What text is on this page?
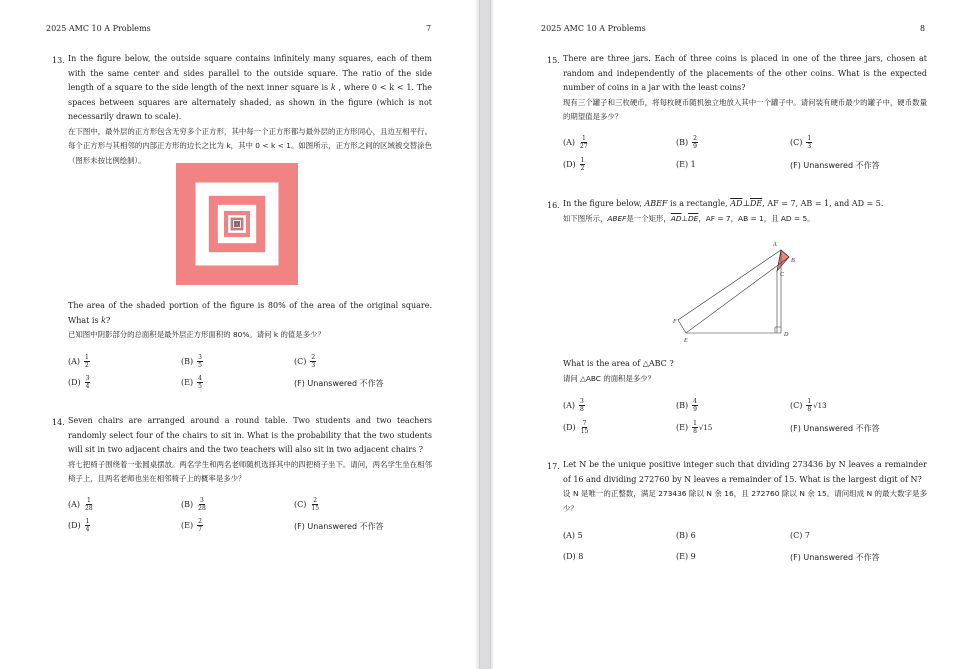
2025 AMC 10 A Problems	7
13. In the figure below, the outside square contains infinitely many squares, each of them with the same center and sides parallel to the outside square. The ratio of the side length of a square to the side length of the next inner square is k , where 0 < k < 1. The spaces between squares are alternately shaded, as shown in the figure (which is not necessarily drawn to scale).
在下图中，最外层的正方形包含无穷多个正方形，其中每一个正方形都与最外层的正方形同心，且边互相平行。每个正方形与其相邻的内部正方形的边长之比为 k，其中 0 < k < 1。如图所示，正方形之间的区域被交替涂色（图形未按比例绘制）。
The area of the shaded portion of the figure is 80% of the area of the original square. What is k?
已知图中阴影部分的总面积是最外层正方形面积的 80%。请问 k 的值是多少？
$(A) \frac{1}{2}$	$(B) \frac{3}{5}$	$(C) \frac{2}{3}$
$(D) \frac{3}{4}$	$(E) \frac{4}{5}$	(F) Unanswered 不作答
14. Seven chairs are arranged around a round table. Two students and two teachers randomly select four of the chairs to sit in. What is the probability that the two students will sit in two adjacent chairs and the two teachers will also sit in two adjacent chairs ?
将七把椅子围绕着一张圆桌摆放。两名学生和两名老师随机选择其中的四把椅子坐下。请问，两名学生坐在相邻椅子上，且两名老师也坐在相邻椅子上的概率是多少？
$(A) \frac{1}{28}$	$(B) \frac{3}{28}$	$(C) \frac{2}{15}$
$(D) \frac{1}{4}$	$(E) \frac{2}{7}$	(F) Unanswered 不作答
2025 AMC 10 A Problems	8
15. There are three jars. Each of three coins is placed in one of the three jars, chosen at random and independently of the placements of the other coins. What is the expected number of coins in a jar with the least coins?
现有三个罐子和三枚硬币，将每枚硬币随机独立地放入其中一个罐子中。请问装有硬币最少的罐子中，硬币数量的期望值是多少？
$(A) \frac{1}{27}$	$(B) \frac{2}{9}$	$(C) \frac{1}{3}$
$(D) \frac{1}{2}$	(E) 1	(F) Unanswered 不作答
16. In the figure below, ABEF is a rectangle, $\overline{AD}\perp\overline{DE}$, AF = 7, AB = 1, and AD = 5.
如下图所示，ABEF是一个矩形，$\overline{AD}\perp\overline{DE}$，AF = 7，AB = 1，且 AD = 5。
A
B
C
D
E
F
What is the area of △ABC ?
请问 △ABC 的面积是多少？
$(A) \frac{3}{8}$	$(B) \frac{4}{9}$	$(C) \frac{1}{8} √13$
$(D) \frac{7}{15}$	$(E) \frac{1}{8} √15$	(F) Unanswered 不作答
17. Let N be the unique positive integer such that dividing 273436 by N leaves a remainder of 16 and dividing 272760 by N leaves a remainder of 15. What is the largest digit of N?
设 N 是唯一的正整数，满足 273436 除以 N 余 16，且 272760 除以 N 余 15。请问组成 N 的最大数字是多少？
(A) 5	(B) 6	(C) 7
(D) 8	(E) 9	(F) Unanswered 不作答
